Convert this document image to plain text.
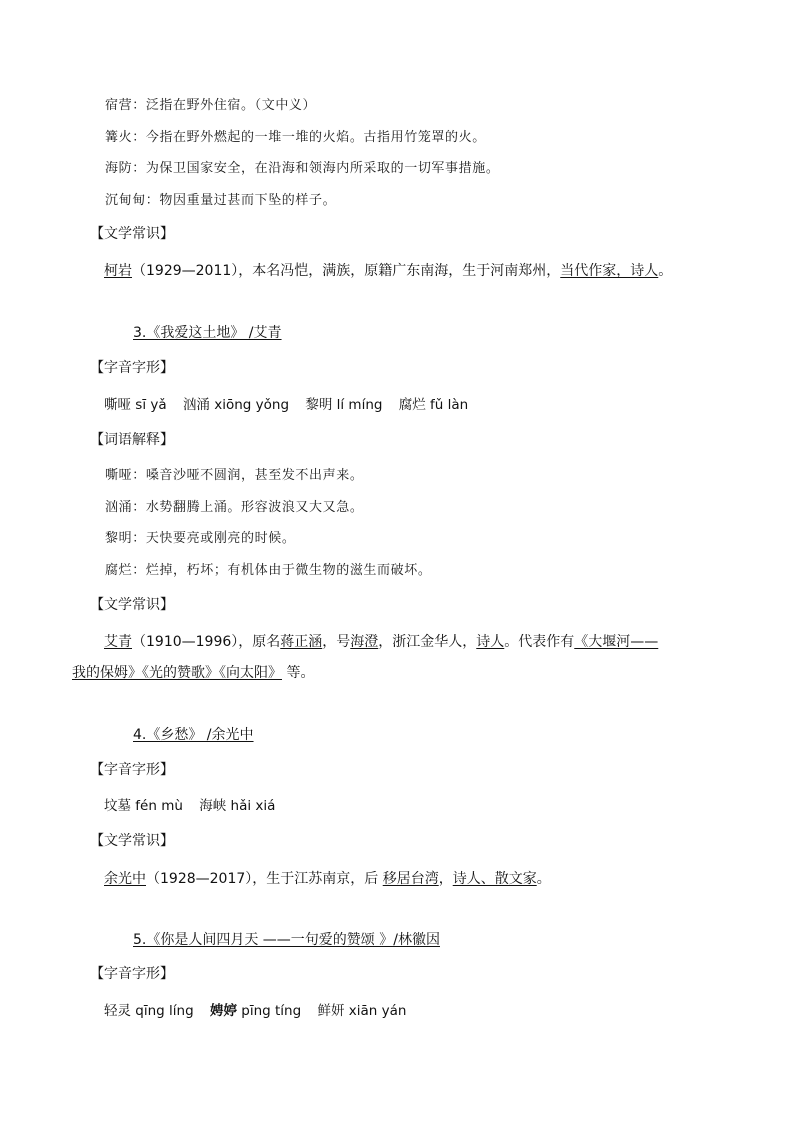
宿营：泛指在野外住宿。（文中义）
篝火：今指在野外燃起的一堆一堆的火焰。古指用竹笼罩的火。
海防：为保卫国家安全，在沿海和领海内所采取的一切军事措施。
沉甸甸：物因重量过甚而下坠的样子。
【文学常识】
柯岩（1929—2011），本名冯恺，满族，原籍广东南海，生于河南郑州，当代作家，诗人。
3.《我爱这土地》 /艾青
【字音字形】
嘶哑 sī yǎ 汹涌 xiōng yǒng 黎明 lí míng 腐烂 fǔ làn
【词语解释】
嘶哑：嗓音沙哑不圆润，甚至发不出声来。
汹涌：水势翻腾上涌。形容波浪又大又急。
黎明：天快要亮或刚亮的时候。
腐烂：烂掉，朽坏；有机体由于微生物的滋生而破坏。
【文学常识】
艾青（1910—1996），原名蒋正涵，号海澄，浙江金华人，诗人。代表作有《大堰河——
我的保姆》《光的赞歌》《向太阳》 等。
4.《乡愁》 /余光中
【字音字形】
坟墓 fén mù 海峡 hǎi xiá
【文学常识】
余光中（1928—2017），生于江苏南京，后 移居台湾，诗人、散文家。
5.《你是人间四月天 ——一句爱的赞颂 》/林徽因
【字音字形】
轻灵 qīng líng 娉婷 pīng tíng 鲜妍 xiān yán
